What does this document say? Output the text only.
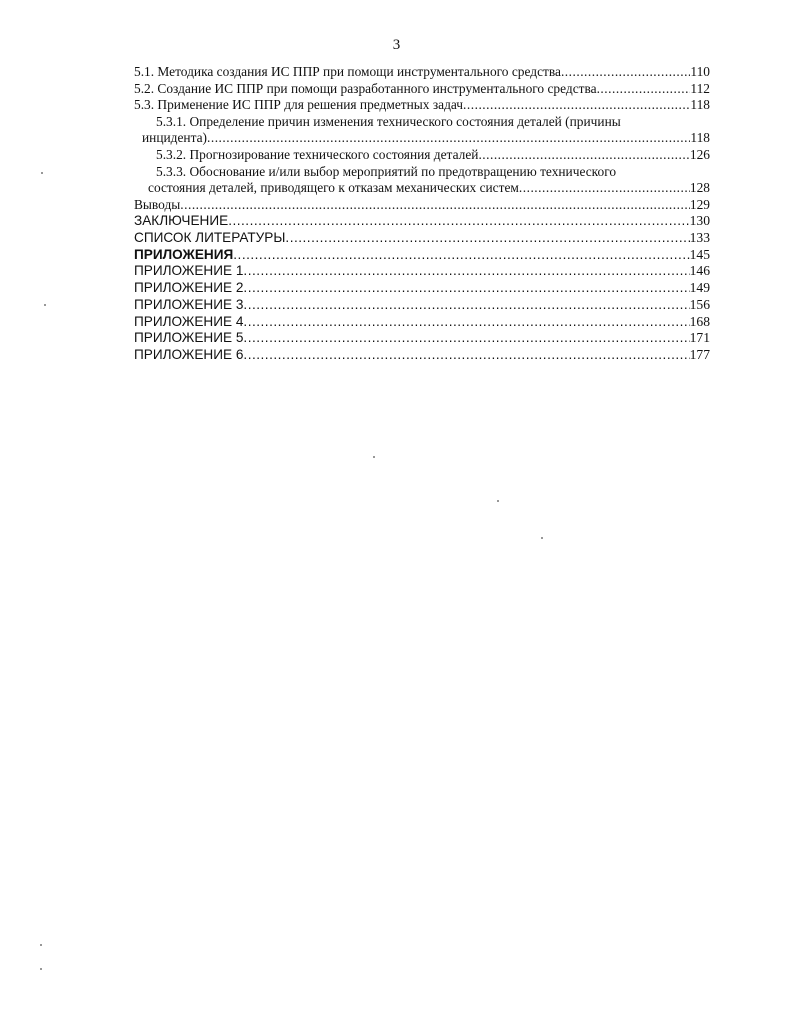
3
5.1. Методика создания ИС ППР при помощи инструментального средства .....	110
5.2. Создание ИС ППР при помощи разработанного инструментального средства .....	112
5.3. Применение ИС ППР для решения предметных задач .....	118
5.3.1. Определение причин изменения технического состояния деталей (причины
инцидента) .....	118
5.3.2. Прогнозирование технического состояния деталей .....	126
5.3.3. Обоснование и/или выбор мероприятий по предотвращению технического
состояния деталей, приводящего к отказам механических систем .....	128
Выводы .....	129
ЗАКЛЮЧЕНИЕ .....	130
СПИСОК ЛИТЕРАТУРЫ .....	133
ПРИЛОЖЕНИЯ .....	145
ПРИЛОЖЕНИЕ 1 .....	146
ПРИЛОЖЕНИЕ 2 .....	149
ПРИЛОЖЕНИЕ 3 .....	156
ПРИЛОЖЕНИЕ 4 .....	168
ПРИЛОЖЕНИЕ 5 .....	171
ПРИЛОЖЕНИЕ 6 .....	177
